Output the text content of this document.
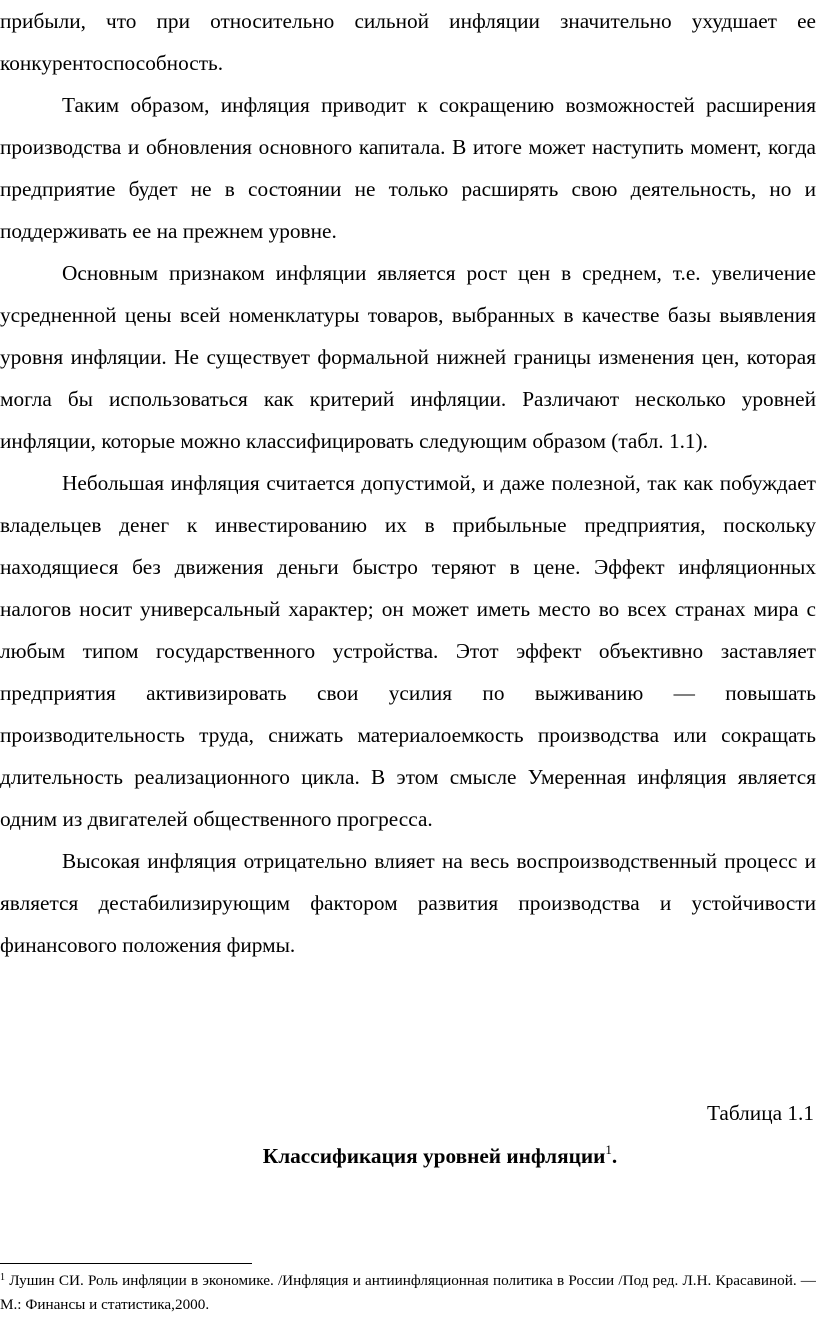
прибыли, что при относительно сильной инфляции значительно ухудшает ее конкурентоспособность.

Таким образом, инфляция приводит к сокращению возможностей расширения производства и обновления основного капитала. В итоге может наступить момент, когда предприятие будет не в состоянии не только расширять свою деятельность, но и поддерживать ее на прежнем уровне.

Основным признаком инфляции является рост цен в среднем, т.е. увеличение усредненной цены всей номенклатуры товаров, выбранных в качестве базы выявления уровня инфляции. Не существует формальной нижней границы изменения цен, которая могла бы использоваться как критерий инфляции. Различают несколько уровней инфляции, которые можно классифицировать следующим образом (табл. 1.1).

Небольшая инфляция считается допустимой, и даже полезной, так как побуждает владельцев денег к инвестированию их в прибыльные предприятия, поскольку находящиеся без движения деньги быстро теряют в цене. Эффект инфляционных налогов носит универсальный характер; он может иметь место во всех странах мира с любым типом государственного устройства. Этот эффект объективно заставляет предприятия активизировать свои усилия по выживанию — повышать производительность труда, снижать материалоемкость производства или сокращать длительность реализационного цикла. В этом смысле Умеренная инфляция является одним из двигателей общественного прогресса.

Высокая инфляция отрицательно влияет на весь воспроизводственный процесс и является дестабилизирующим фактором развития производства и устойчивости финансового положения фирмы.

Таблица 1.1
Классификация уровней инфляции$^1$.
$^1$ Лушин СИ. Роль инфляции в экономике. /Инфляция и антиинфляционная политика в России /Под ред. Л.Н. Красавиной. — М.: Финансы и статистика,2000.
